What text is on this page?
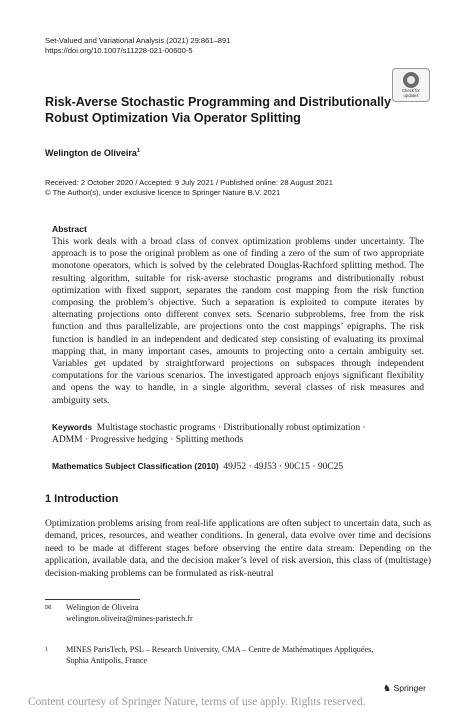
Set-Valued and Variational Analysis (2021) 29:861–891
https://doi.org/10.1007/s11228-021-00600-5
Check for
updates
Risk-Averse Stochastic Programming and Distributionally
Robust Optimization Via Operator Splitting
Welington de Oliveira$^1$
Received: 2 October 2020 / Accepted: 9 July 2021 / Published online: 28 August 2021
© The Author(s), under exclusive licence to Springer Nature B.V. 2021
Abstract
This work deals with a broad class of convex optimization problems under uncertainty. The approach is to pose the original problem as one of finding a zero of the sum of two appropriate monotone operators, which is solved by the celebrated Douglas-Rachford splitting method. The resulting algorithm, suitable for risk-averse stochastic programs and distributionally robust optimization with fixed support, separates the random cost mapping from the risk function composing the problem’s objective. Such a separation is exploited to compute iterates by alternating projections onto different convex sets. Scenario subproblems, free from the risk function and thus parallelizable, are projections onto the cost mappings’ epigraphs. The risk function is handled in an independent and dedicated step consisting of evaluating its proximal mapping that, in many important cases, amounts to projecting onto a certain ambiguity set. Variables get updated by straightforward projections on subspaces through independent computations for the various scenarios. The investigated approach enjoys significant flexibility and opens the way to handle, in a single algorithm, several classes of risk measures and ambiguity sets.
Keywords Multistage stochastic programs · Distributionally robust optimization ·
ADMM · Progressive hedging · Splitting methods
Mathematics Subject Classification (2010) 49J52 · 49J53 · 90C15 · 90C25
1 Introduction
Optimization problems arising from real-life applications are often subject to uncertain data, such as demand, prices, resources, and weather conditions. In general, data evolve over time and decisions need to be made at different stages before observing the entire data stream. Depending on the application, available data, and the decision maker’s level of risk aversion, this class of (multistage) decision-making problems can be formulated as risk-neutral
✉ Welington de Oliveira
welington.oliveira@mines-paristech.fr
1 MINES ParisTech, PSL – Research University, CMA – Centre de Mathématiques Appliquées,
Sophia Antipolis, France
♞ Springer
Content courtesy of Springer Nature, terms of use apply. Rights reserved.
